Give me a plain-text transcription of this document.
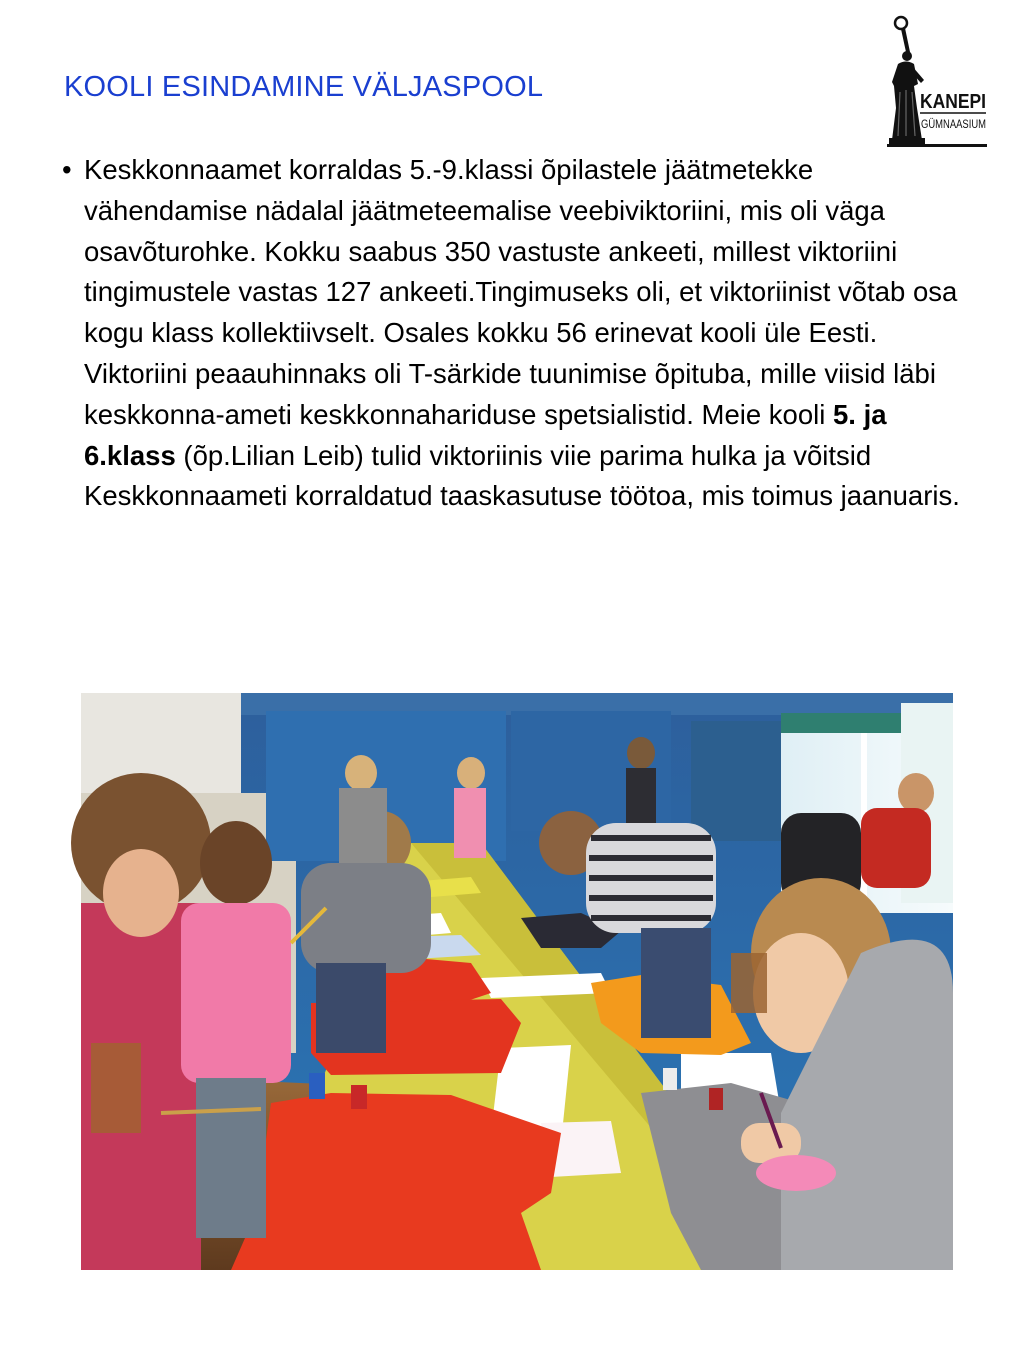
KOOLI ESINDAMINE VÄLJASPOOL	KANEPI
GÜMNAASIUM
• Keskkonnaamet korraldas 5.-9.klassi õpilastele jäätmetekke vähendamise nädalal jäätmeteemalise veebiviktoriini, mis oli väga osavõturohke. Kokku saabus 350 vastuste ankeeti, millest viktoriini tingimustele vastas 127 ankeeti.Tingimuseks oli, et viktoriinist võtab osa kogu klass kollektiivselt. Osales kokku 56 erinevat kooli üle Eesti. Viktoriini peaauhinnaks oli T-särkide tuunimise õpituba, mille viisid läbi keskkonna-ameti keskkonnahariduse spetsialistid. Meie kooli 5. ja 6.klass (õp.Lilian Leib) tulid viktoriinis viie parima hulka ja võitsid Keskkonnaameti korraldatud taaskasutuse töötoa, mis toimus jaanuaris.
